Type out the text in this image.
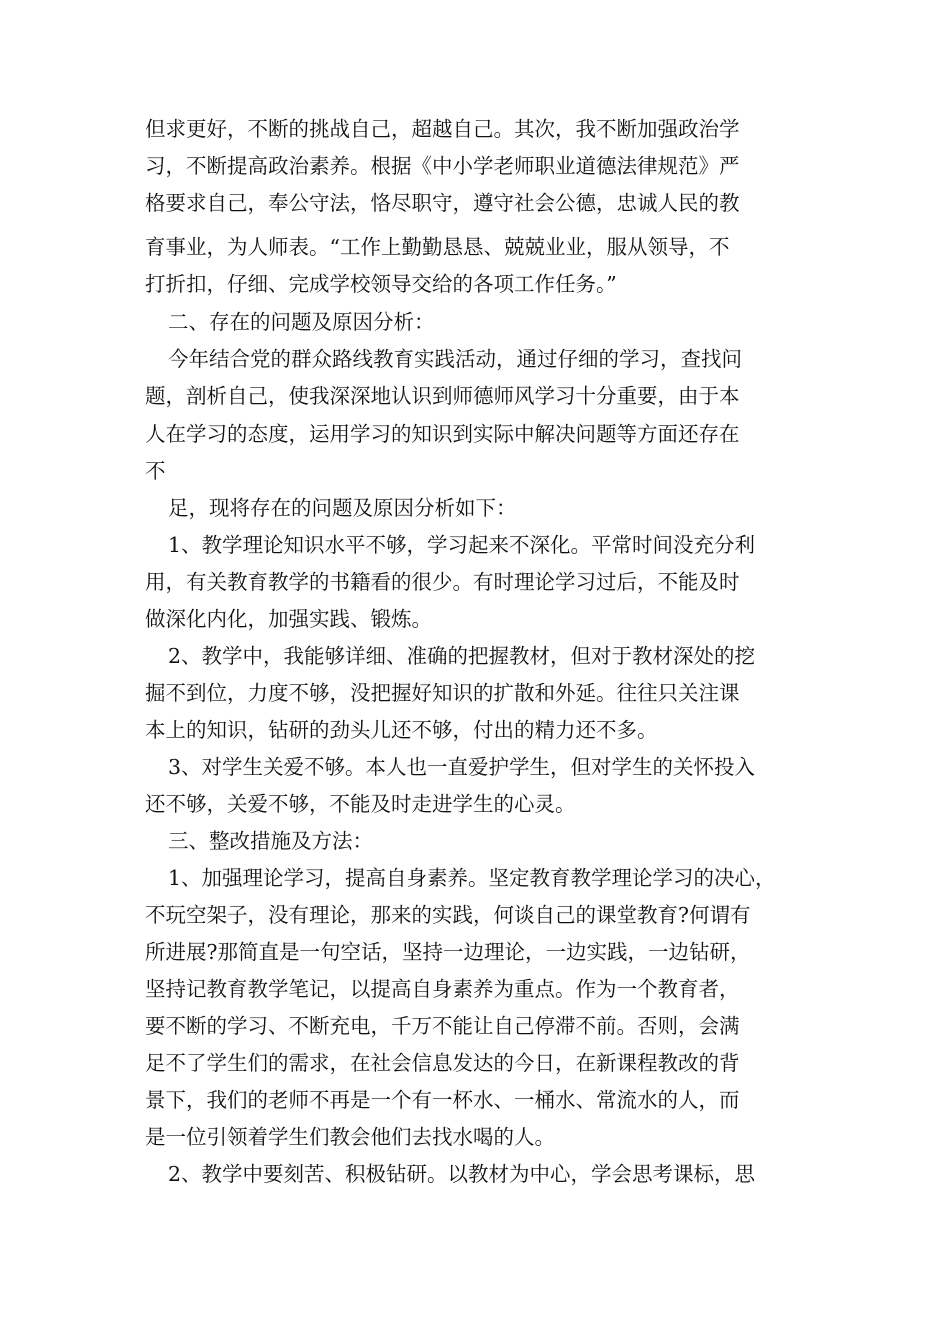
但求更好，不断的挑战自己，超越自己。其次，我不断加强政治学
习，不断提高政治素养。根据《中小学老师职业道德法律规范》严
格要求自己，奉公守法，恪尽职守，遵守社会公德，忠诚人民的教
育事业，为人师表。“工作上勤勤恳恳、兢兢业业，服从领导，不
打折扣，仔细、完成学校领导交给的各项工作任务。”
二、存在的问题及原因分析：
今年结合党的群众路线教育实践活动，通过仔细的学习，查找问
题，剖析自己，使我深深地认识到师德师风学习十分重要，由于本
人在学习的态度，运用学习的知识到实际中解决问题等方面还存在
不
足，现将存在的问题及原因分析如下：
1、教学理论知识水平不够，学习起来不深化。平常时间没充分利
用，有关教育教学的书籍看的很少。有时理论学习过后，不能及时
做深化内化，加强实践、锻炼。
2、教学中，我能够详细、准确的把握教材，但对于教材深处的挖
掘不到位，力度不够，没把握好知识的扩散和外延。往往只关注课
本上的知识，钻研的劲头儿还不够，付出的精力还不多。
3、对学生关爱不够。本人也一直爱护学生，但对学生的关怀投入
还不够，关爱不够，不能及时走进学生的心灵。
三、整改措施及方法：
1、加强理论学习，提高自身素养。坚定教育教学理论学习的决心，
不玩空架子，没有理论，那来的实践，何谈自己的课堂教育?何谓有
所进展?那简直是一句空话，坚持一边理论，一边实践，一边钻研，
坚持记教育教学笔记，以提高自身素养为重点。作为一个教育者，
要不断的学习、不断充电，千万不能让自己停滞不前。否则，会满
足不了学生们的需求，在社会信息发达的今日，在新课程教改的背
景下，我们的老师不再是一个有一杯水、一桶水、常流水的人，而
是一位引领着学生们教会他们去找水喝的人。
2、教学中要刻苦、积极钻研。以教材为中心，学会思考课标，思
